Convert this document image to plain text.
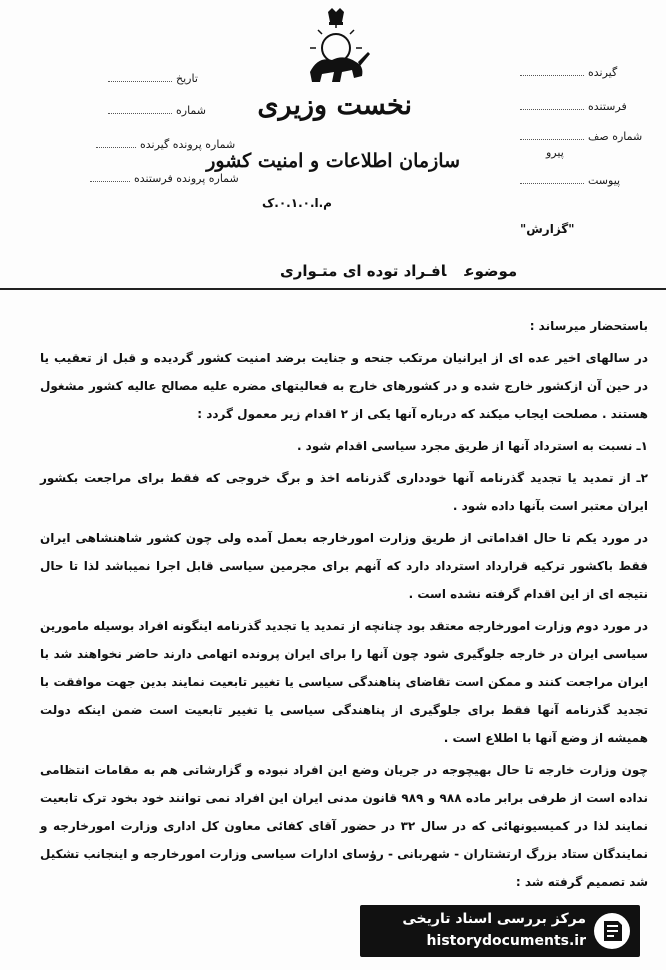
تاریخ
شماره
شماره پرونده گیرنده
شماره پرونده فرستنده
گیرنده
فرستنده
شماره صف
پیرو
پیوست
نخست وزیری
سازمان اطلاعات و امنیت کشور
م.ا.۰.۱.۰.ک
"گزارش"
موضوعافـراد توده ای متـواری

باستحضار میرساند :

در سالهای اخیر عده ای از ایرانیان مرتکب جنحه و جنایت برضد امنیت کشور گردیده و قبل از تعقیب یا در حین آن ازکشور خارج شده و در کشورهای خارج به فعالیتهای مضره علیه مصالح عالیه کشور مشغول هستند . مصلحت ایجاب میکند که درباره آنها یکی از ۲ اقدام زیر معمول گردد :

۱ـ نسبت به استرداد آنها از طریق مجرد سیاسی اقدام شود .

۲ـ از تمدید یا تجدید گذرنامه آنها خودداری گذرنامه اخذ و برگ خروجی که فقط برای مراجعت بکشور ایران معتبر است بآنها داده شود .

در مورد یکم تا حال اقداماتی از طریق وزارت امورخارجه بعمل آمده ولی چون کشور شاهنشاهی ایران فقط باکشور ترکیه قرارداد استرداد دارد که آنهم برای مجرمین سیاسی قابل اجرا نمیباشد لذا تا حال نتیجه ای از این اقدام گرفته نشده است .

در مورد دوم وزارت امورخارجه معتقد بود چنانچه از تمدید یا تجدید گذرنامه اینگونه افراد بوسیله مامورین سیاسی ایران در خارجه جلوگیری شود چون آنها را برای ایران پرونده اتهامی دارند حاضر نخواهند شد با ایران مراجعت کنند و ممکن است تقاضای پناهندگی سیاسی یا تغییر تابعیت نمایند بدین جهت موافقت با تجدید گذرنامه آنها فقط برای جلوگیری از پناهندگی سیاسی یا تغییر تابعیت است ضمن اینکه دولت همیشه از وضع آنها با اطلاع است .

چون وزارت خارجه تا حال بهیچوجه در جریان وضع این افراد نبوده و گزارشاتی هم به مقامات انتظامی نداده است از طرفی برابر ماده ۹۸۸ و ۹۸۹ قانون مدنی ایران این افراد نمی توانند خود بخود ترک تابعیت نمایند لذا در کمیسیونهائی که در سال ۳۲ در حضور آقای کفائی معاون کل اداری وزارت امورخارجه و نمایندگان ستاد بزرگ ارتشتاران - شهربانی - رؤسای ادارات سیاسی وزارت امورخارجه و اینجانب تشکیل شد تصمیم گرفته شد :

مرکز بررسی اسناد تاریخی
historydocuments.ir
